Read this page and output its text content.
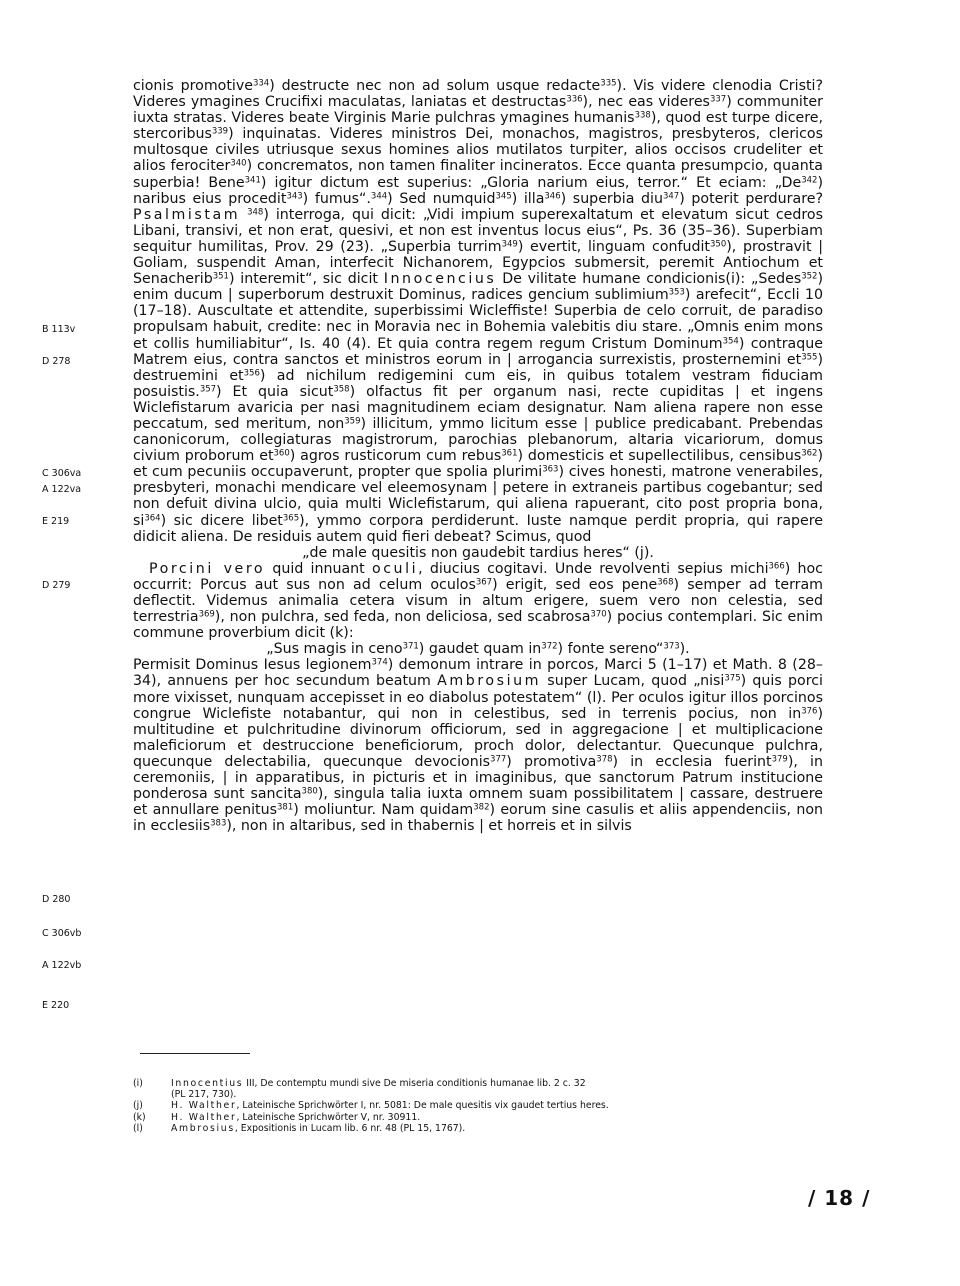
cionis promotive$^{334}$) destructe nec non ad solum usque redacte$^{335}$). Vis videre clenodia Cristi? Videres ymagines Crucifixi maculatas, laniatas et destructas$^{336}$), nec eas videres$^{337}$) communiter iuxta stratas. Videres beate Virginis Marie pulchras ymagines humanis$^{338}$), quod est turpe dicere, stercoribus$^{339}$) inquinatas. Videres ministros Dei, monachos, magistros, presbyteros, clericos multosque civiles utriusque sexus homines alios mutilatos turpiter, alios occisos crudeliter et alios ferociter$^{340}$) concrematos, non tamen finaliter incineratos. Ecce quanta presumpcio, quanta superbia! Bene$^{341}$) igitur dictum est superius: „Gloria narium eius, terror.“ Et eciam: „De$^{342}$) naribus eius procedit$^{343}$) fumus“.$^{344}$) Sed numquid$^{345}$) illa$^{346}$) superbia diu$^{347}$) poterit perdurare? Psalmistam $^{348}$) interroga, qui dicit: „Vidi impium superexaltatum et elevatum sicut cedros Libani, transivi, et non erat, quesivi, et non est inventus locus eius“, Ps. 36 (35–36). Superbiam sequitur humilitas, Prov. 29 (23). „Superbia turrim$^{349}$) evertit, linguam confudit$^{350}$), prostravit | Goliam, suspendit Aman, interfecit Nichanorem, Egypcios submersit, peremit Antiochum et Senacherib$^{351}$) interemit“, sic dicit Innocencius De vilitate humane condicionis(i): „Sedes$^{352}$) enim ducum | superborum destruxit Dominus, radices gencium sublimium$^{353}$) arefecit“, Eccli 10 (17–18). Auscultate et attendite, superbissimi Wicleffiste! Superbia de celo corruit, de paradiso propulsam habuit, credite: nec in Moravia nec in Bohemia valebitis diu stare. „Omnis enim mons et collis humiliabitur“, Is. 40 (4). Et quia contra regem regum Cristum Dominum$^{354}$) contraque Matrem eius, contra sanctos et ministros eorum in | arrogancia surrexistis, prosternemini $et^{355}$) destruemini $et^{356}$) ad nichilum redigemini cum eis, in quibus totalem vestram fiduciam posuistis.$^{357}$) Et quia sicut$^{358}$) olfactus fit per organum nasi, recte cupiditas | et ingens Wiclefistarum avaricia per nasi magnitudinem eciam designatur. Nam aliena rapere non esse peccatum, sed meritum, non$^{359}$) illicitum, ymmo licitum esse | publice predicabant. Prebendas canonicorum, collegiaturas magistrorum, parochias plebanorum, altaria vicariorum, domus civium proborum $et^{360}$) agros rusticorum cum rebus$^{361}$) domesticis et supellectilibus, censibus$^{362}$) et cum pecuniis occupaverunt, propter que spolia plurimi$^{363}$) cives honesti, matrone venerabiles, presbyteri, monachi mendicare vel eleemosynam | petere in extraneis partibus cogebantur; sed non defuit divina ulcio, quia multi Wiclefistarum, qui aliena rapuerant, cito post propria bona, $si^{364}$) sic dicere libet$^{365}$), ymmo corpora perdiderunt. Iuste namque perdit propria, qui rapere didicit aliena. De residuis autem quid fieri debeat? Scimus, quod

„de male quesitis non gaudebit tardius heres“ (j).

Porcini vero quid innuant oculi, diucius cogitavi. Unde revolventi sepius michi$^{366}$) hoc occurrit: Porcus aut sus non ad celum oculos$^{367}$) erigit, sed eos pene$^{368}$) semper ad terram deflectit. Videmus animalia cetera visum in altum erigere, suem vero non celestia, sed terrestria$^{369}$), non pulchra, sed feda, non deliciosa, sed scabrosa$^{370}$) pocius contemplari. Sic enim commune proverbium dicit (k):

„Sus magis in ceno$^{371}$) gaudet quam $in^{372}$) fonte sereno“$^{373}$).

Permisit Dominus Iesus legionem$^{374}$) demonum intrare in porcos, Marci 5 (1–17) et Math. 8 (28–34), annuens per hoc secundum beatum Ambrosium super Lucam, quod „nisi$^{375}$) quis porci more vixisset, nunquam accepisset in eo diabolus potestatem“ (l). Per oculos igitur illos porcinos congrue Wiclefiste notabantur, qui non in celestibus, sed in terrenis pocius, non $in^{376}$) multitudine et pulchritudine divinorum officiorum, sed in aggregacione | et multiplicacione maleficiorum et destruccione beneficiorum, proch dolor, delectantur. Quecunque pulchra, quecunque delectabilia, quecunque devocionis$^{377}$) promotiva$^{378}$) in ecclesia fuerint$^{379}$), in ceremoniis, | in apparatibus, in picturis et in imaginibus, que sanctorum Patrum institucione ponderosa sunt sancita$^{380}$), singula talia iuxta omnem suam possibilitatem | cassare, destruere et annullare penitus$^{381}$) moliuntur. Nam quidam$^{382}$) eorum sine casulis et aliis appendenciis, non in ecclesiis$^{383}$), non in altaribus, sed in thabernis | et horreis et in silvis

B 113v
D 278
C 306va
A 122va
E 219
D 279
D 280
C 306vb
A 122vb
E 220
(i)	Innocentius III, De contemptu mundi sive De miseria conditionis humanae lib. 2 c. 32
(PL 217, 730).
(j)	H. Walther, Lateinische Sprichwörter I, nr. 5081: De male quesitis vix gaudet tertius heres.
(k)	H. Walther, Lateinische Sprichwörter V, nr. 30911.
(l)	Ambrosius, Expositionis in Lucam lib. 6 nr. 48 (PL 15, 1767).
/ 18 /
